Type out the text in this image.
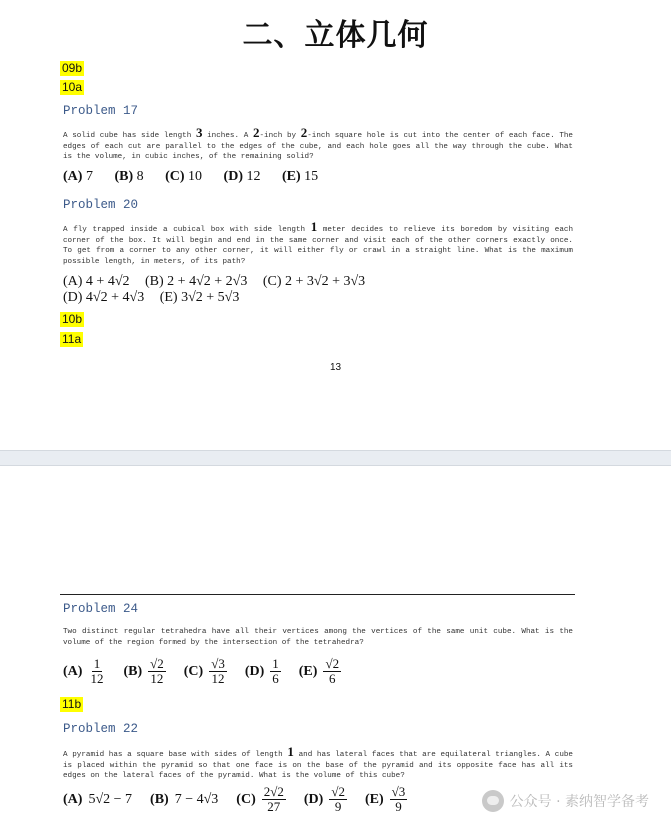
二、立体几何
09b
10a
Problem 17
A solid cube has side length 3 inches. A 2-inch by 2-inch square hole is cut into the center of each face. The edges of each cut are parallel to the edges of the cube, and each hole goes all the way through the cube. What is the volume, in cubic inches, of the remaining solid?
(A) 7 (B) 8 (C) 10 (D) 12 (E) 15
Problem 20
A fly trapped inside a cubical box with side length 1 meter decides to relieve its boredom by visiting each corner of the box. It will begin and end in the same corner and visit each of the other corners exactly once. To get from a corner to any other corner, it will either fly or crawl in a straight line. What is the maximum possible length, in meters, of its path?
(A) 4 + 4√2 (B) 2 + 4√2 + 2√3 (C) 2 + 3√2 + 3√3
(D) 4√2 + 4√3 (E) 3√2 + 5√3
10b
11a
13
Problem 24
Two distinct regular tetrahedra have all their vertices among the vertices of the same unit cube. What is the volume of the region formed by the intersection of the tetrahedra?
$(A) \frac{1}{12} (B) \frac{√2}{12} (C) \frac{√3}{12} (D) \frac{1}{6} (E) \frac{√2}{6}$
11b
Problem 22
A pyramid has a square base with sides of length 1 and has lateral faces that are equilateral triangles. A cube is placed within the pyramid so that one face is on the base of the pyramid and its opposite face has all its edges on the lateral faces of the pyramid. What is the volume of this cube?
(A) 5√2 − 7 (B) 7 − 4√3 $(C) \frac{2√2}{27} (D) \frac{√2}{9} (E) \frac{√3}{9}$	公众号 · 素纳智学备考
